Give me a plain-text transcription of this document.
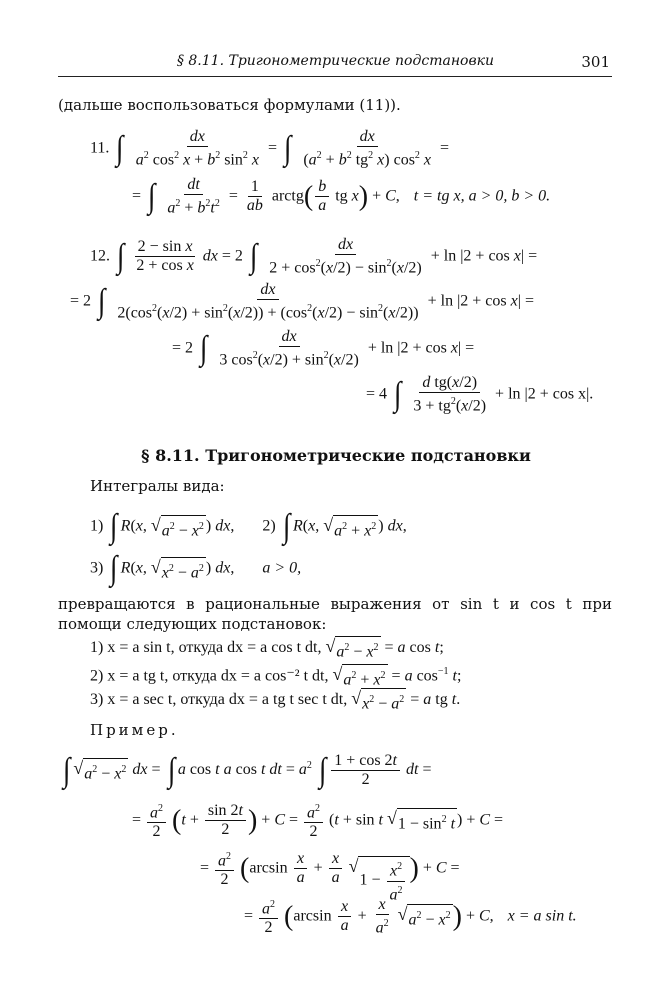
§ 8.11. Тригонометрические подстановки	301
(дальше воспользоваться формулами (11)).
11. ∫ $\frac{dx}{a^2 \cos^2 x + b^2 \sin^2 x}$ = ∫ $\frac{dx}{(a^2 + b^2 tg^2 x) \cos^2 x}$ =
= ∫ $\frac{dt}{a^2 + b^2t^2} = \frac{1}{ab}$ arctg( $\frac{b}{a}$ tg x) + C, t = tg x, a > 0, b > 0.
12. ∫ $\frac{\text{2 − sin x}}{\text{2 + cos x}}$ dx = 2 ∫ $\frac{dx}{2 + \cos^2(x/2) - \sin^2(x/2)} + \ln |2 + \cos x|$ =
= 2 ∫ $\frac{dx}{2(\cos^2(x/2) + \sin^2(x/2)) + (\cos^2(x/2) - \sin^2(x/2))} + \ln |2 + \cos x|$ =
= 2 ∫ $\frac{dx}{3 \cos^2(x/2) + \sin^2(x/2)} + \ln |2 + \cos x|$ =
= 4 ∫ $\frac{\text{d tg(x/2)}}{3 + tg^2(x/2)} + \ln |2 + \cos x|$.
§ 8.11. Тригонометрические подстановки
Интегралы вида:
1) ∫ R(x, √ $a^2 - x^2$ ) dx,  2) ∫ R(x, √ $a^2 + x^2$ ) dx,
3) ∫ R(x, √ $x^2 - a^2$ ) dx,  a > 0,
превращаются в рациональные выражения от sin t и cos t при помощи следующих подстановок:
1) x = a sin t, откуда dx = a cos t dt, √ $a^2 - x^2 = a$ cos t;
2) x = a tg t, откуда dx = a cos⁻² t dt, √ $a^2 + x^2 = a$ $\cos^{-1} t$;
3) x = a sec t, откуда dx = a tg t sec t dt, √ $x^2 - a^2 = a$ tg t.
Пример.
∫ √ $a^2 - x^2$ dx = ∫ a cos t a cos t dt = $a^2$ ∫ $\frac{1 + \cos 2t}{2}$ dt =
= $\frac{a^2}{2} (t + \frac{\sin 2t}{2}$ ) + $C = \frac{a^2}{2} (t + \sin t$ √ $1 - \sin^2 t$ ) + C =
= $\frac{a^2}{2} (\arcsin \frac{x}{a} + \frac{x}{a}$
√
$1 - \frac{x^2}{a^2}$ ) + C =
= $\frac{a^2}{2} (\arcsin \frac{x}{a} + \frac{x}{a^2}$
√ $a^2 - x^2$ ) + C, x = a sin t.
